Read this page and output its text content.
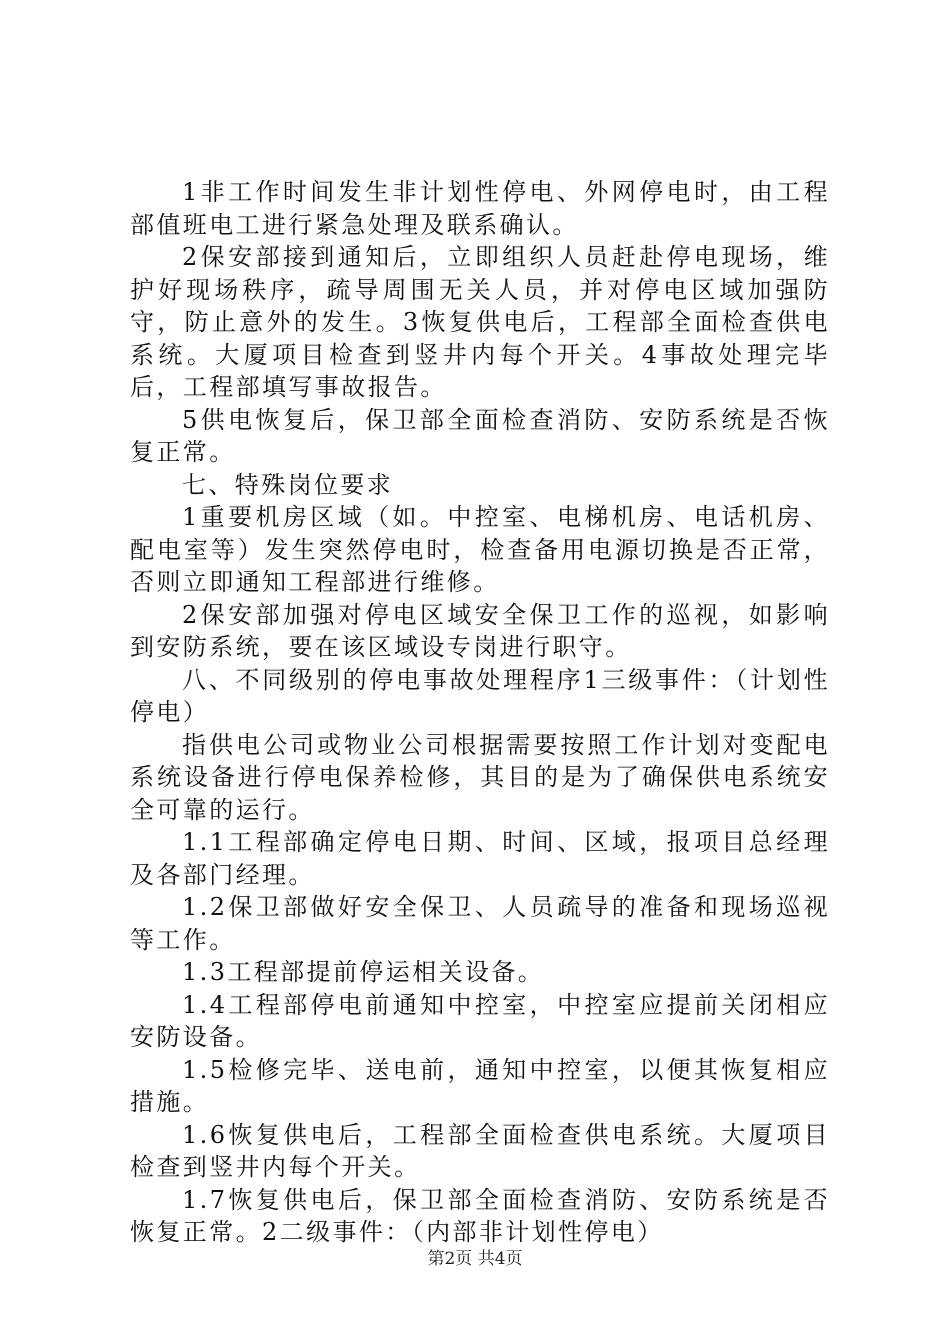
1非工作时间发生非计划性停电、外网停电时，由工程部值班电工进行紧急处理及联系确认。

2保安部接到通知后，立即组织人员赶赴停电现场，维护好现场秩序，疏导周围无关人员，并对停电区域加强防守，防止意外的发生。3恢复供电后，工程部全面检查供电系统。大厦项目检查到竖井内每个开关。4事故处理完毕后，工程部填写事故报告。

5供电恢复后，保卫部全面检查消防、安防系统是否恢复正常。

七、特殊岗位要求

1重要机房区域（如。中控室、电梯机房、电话机房、配电室等）发生突然停电时，检查备用电源切换是否正常，否则立即通知工程部进行维修。

2保安部加强对停电区域安全保卫工作的巡视，如影响到安防系统，要在该区域设专岗进行职守。

八、不同级别的停电事故处理程序1三级事件：（计划性停电）

指供电公司或物业公司根据需要按照工作计划对变配电系统设备进行停电保养检修，其目的是为了确保供电系统安全可靠的运行。

1.1工程部确定停电日期、时间、区域，报项目总经理及各部门经理。

1.2保卫部做好安全保卫、人员疏导的准备和现场巡视等工作。

1.3工程部提前停运相关设备。

1.4工程部停电前通知中控室，中控室应提前关闭相应安防设备。

1.5检修完毕、送电前，通知中控室，以便其恢复相应措施。

1.6恢复供电后，工程部全面检查供电系统。大厦项目检查到竖井内每个开关。

1.7恢复供电后，保卫部全面检查消防、安防系统是否恢复正常。2二级事件：（内部非计划性停电）

第2页 共4页
